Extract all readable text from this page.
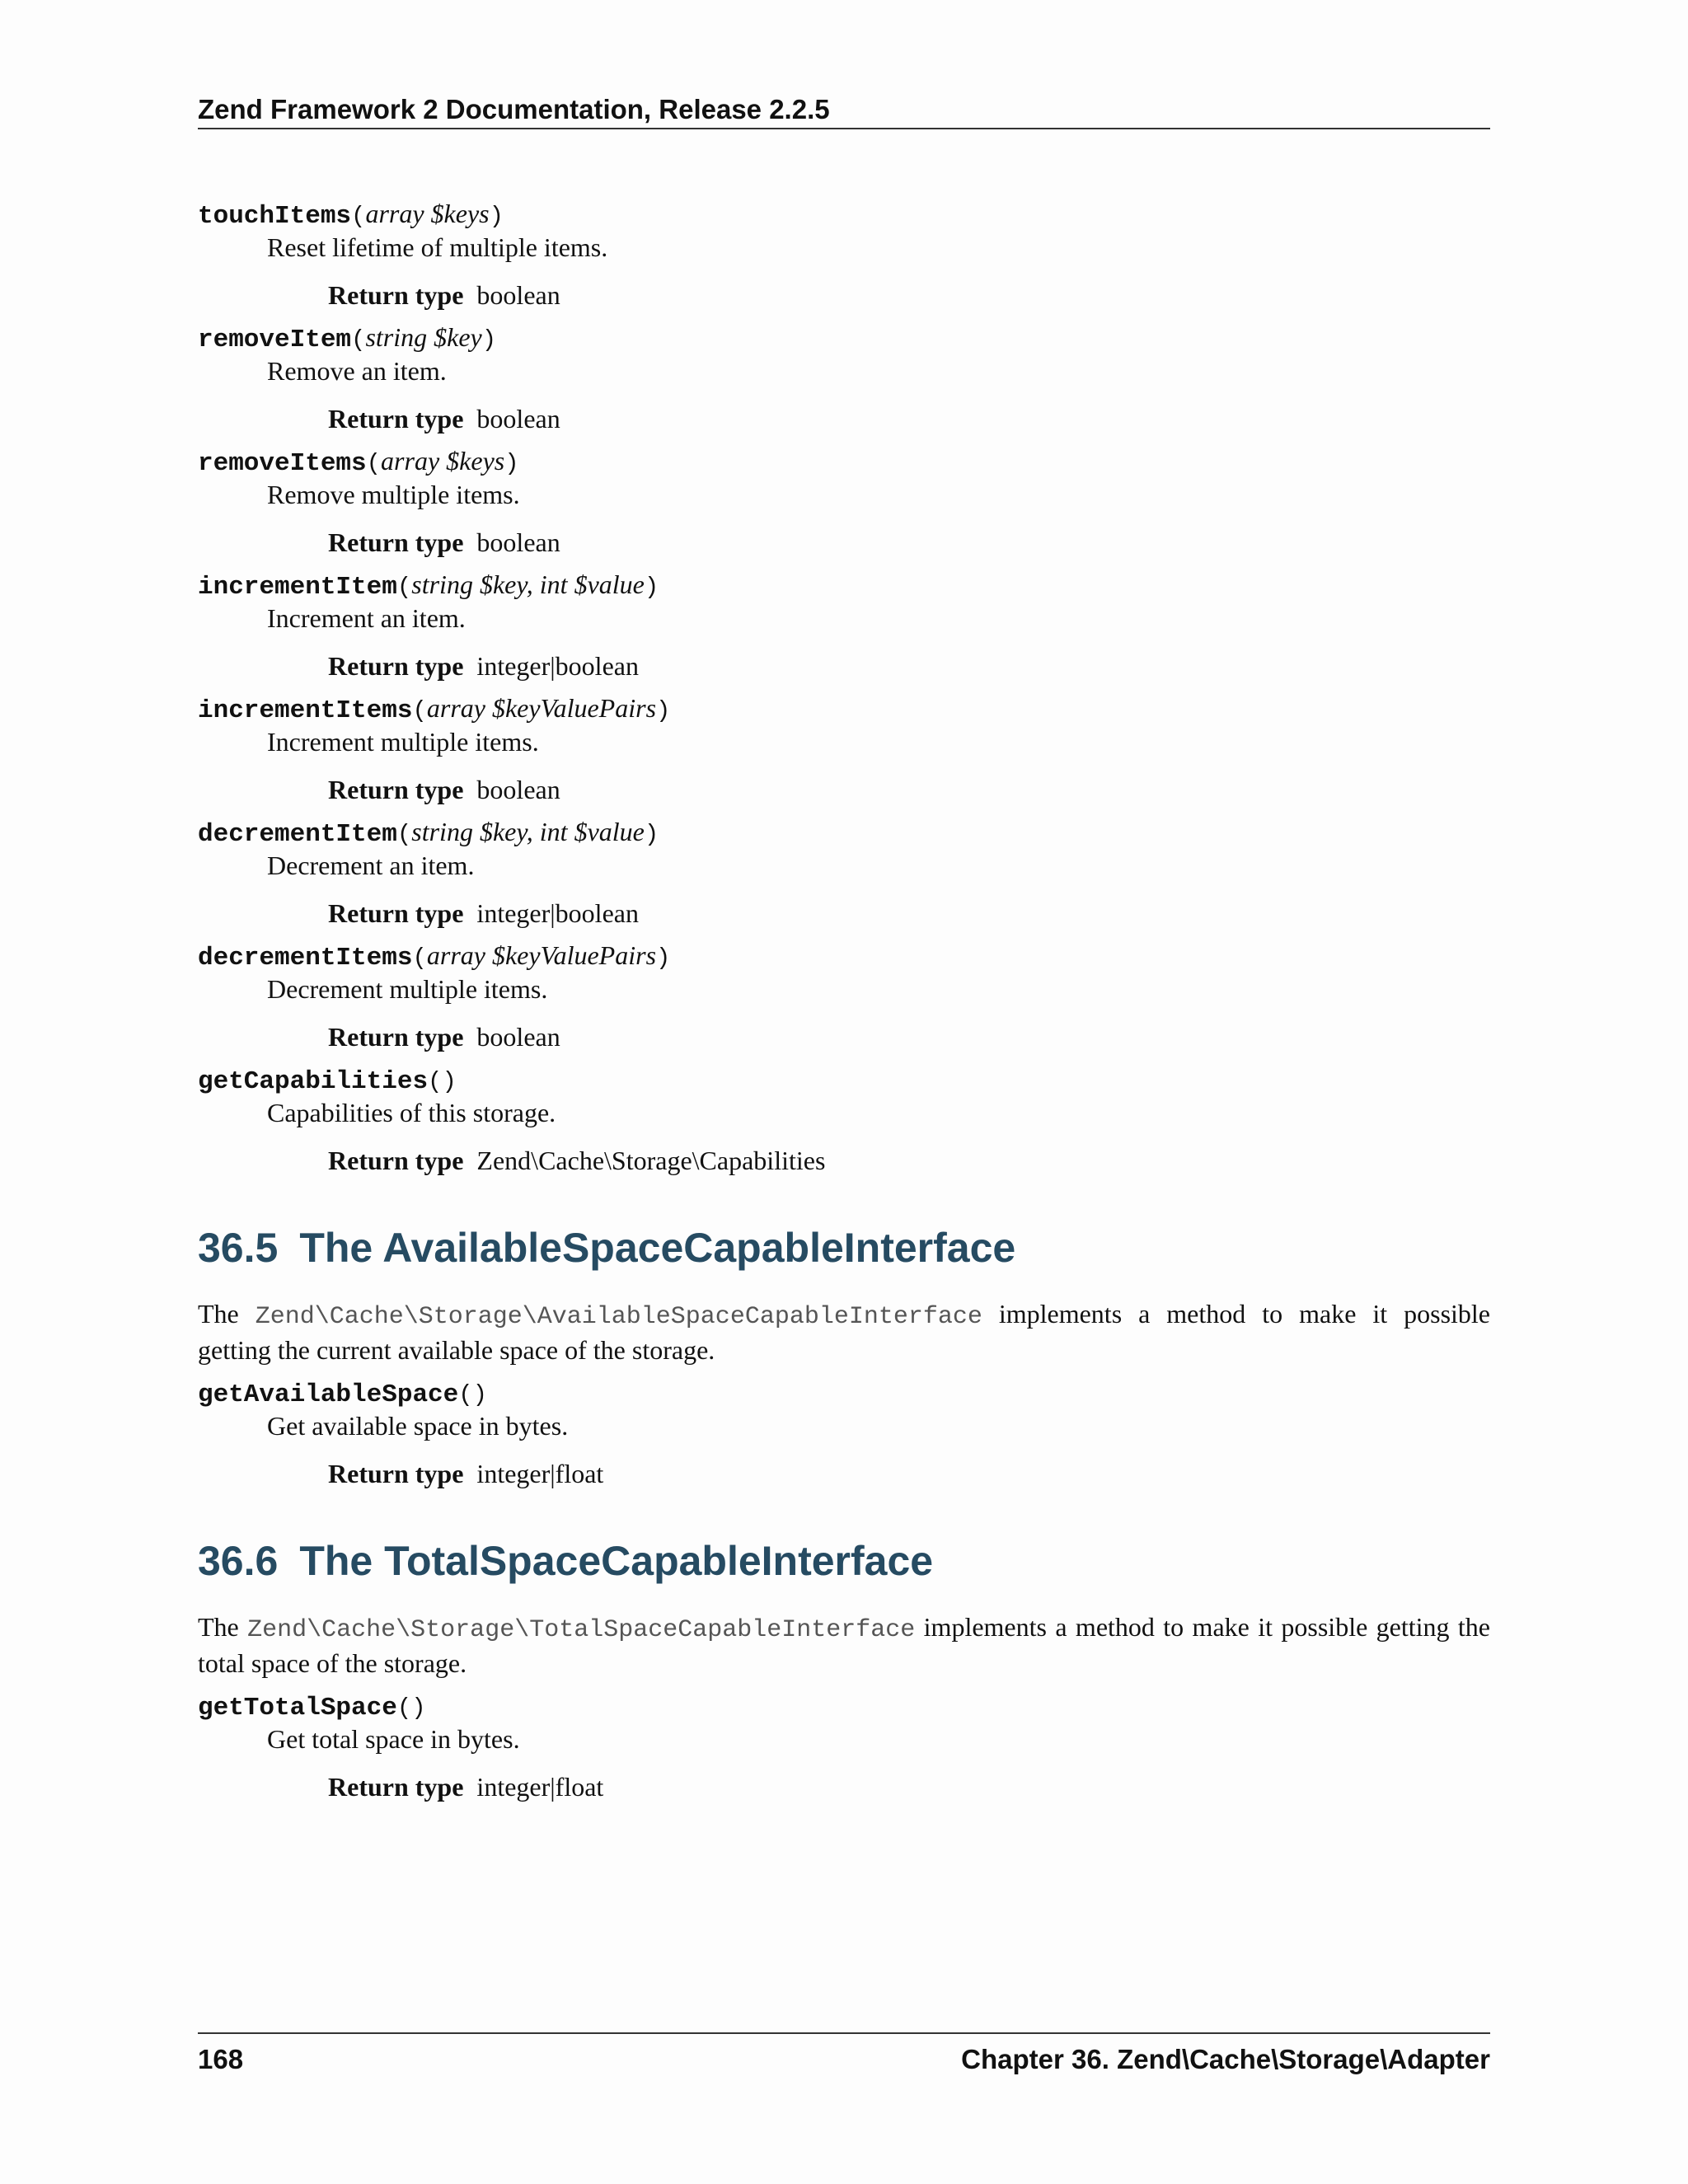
Zend Framework 2 Documentation, Release 2.2.5
touchItems(array $keys)
Reset lifetime of multiple items.
Return type boolean
removeItem(string $key)
Remove an item.
Return type boolean
removeItems(array $keys)
Remove multiple items.
Return type boolean
incrementItem(string $key, int $value)
Increment an item.
Return type integer|boolean
incrementItems(array $keyValuePairs)
Increment multiple items.
Return type boolean
decrementItem(string $key, int $value)
Decrement an item.
Return type integer|boolean
decrementItems(array $keyValuePairs)
Decrement multiple items.
Return type boolean
getCapabilities()
Capabilities of this storage.
Return type Zend\Cache\Storage\Capabilities
36.5 The AvailableSpaceCapableInterface
The Zend\Cache\Storage\AvailableSpaceCapableInterface implements a method to make it possible getting the current available space of the storage.
getAvailableSpace()
Get available space in bytes.
Return type integer|float
36.6 The TotalSpaceCapableInterface
The Zend\Cache\Storage\TotalSpaceCapableInterface implements a method to make it possible getting the total space of the storage.
getTotalSpace()
Get total space in bytes.
Return type integer|float
168	Chapter 36. Zend\Cache\Storage\Adapter
